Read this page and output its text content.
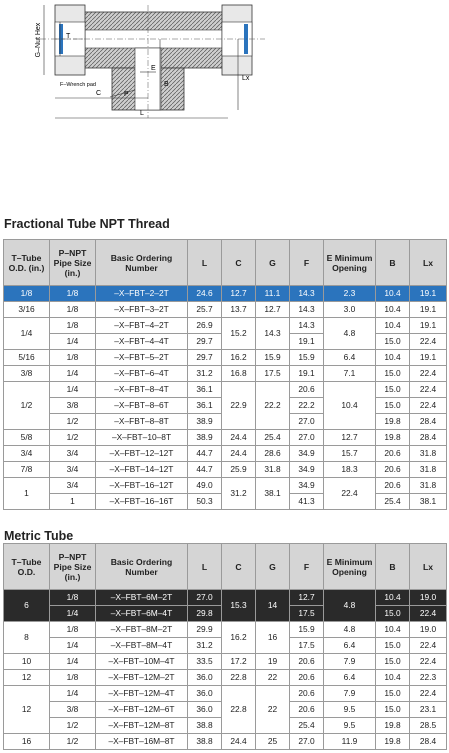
G–Nut Hex	T
F–Wrench pad
E
C
B
P
L
Lx
Fractional Tube NPT Thread
T–Tube O.D. (in.)	P–NPT Pipe Size (in.)	Basic Ordering Number	L	C	G	F	E Minimum Opening	B	Lx
1/8	1/8	–X–FBT–2–2T	24.6	12.7	11.1	14.3	2.3	10.4	19.1
3/16	1/8	–X–FBT–3–2T	25.7	13.7	12.7	14.3	3.0	10.4	19.1
1/4	1/8	–X–FBT–4–2T	26.9	15.2	14.3	14.3	4.8	10.4	19.1
	1/4	–X–FBT–4–4T	29.7			19.1		15.0	22.4
5/16	1/8	–X–FBT–5–2T	29.7	16.2	15.9	15.9	6.4	10.4	19.1
3/8	1/4	–X–FBT–6–4T	31.2	16.8	17.5	19.1	7.1	15.0	22.4
1/2	1/4	–X–FBT–8–4T	36.1	22.9	22.2	20.6	10.4	15.0	22.4
	3/8	–X–FBT–8–6T	36.1			22.2		15.0	22.4
	1/2	–X–FBT–8–8T	38.9			27.0		19.8	28.4
5/8	1/2	–X–FBT–10–8T	38.9	24.4	25.4	27.0	12.7	19.8	28.4
3/4	3/4	–X–FBT–12–12T	44.7	24.4	28.6	34.9	15.7	20.6	31.8
7/8	3/4	–X–FBT–14–12T	44.7	25.9	31.8	34.9	18.3	20.6	31.8
1	3/4	–X–FBT–16–12T	49.0	31.2	38.1	34.9	22.4	20.6	31.8
	1	–X–FBT–16–16T	50.3			41.3		25.4	38.1
Metric Tube
T–Tube O.D.	P–NPT Pipe Size (in.)	Basic Ordering Number	L	C	G	F	E Minimum Opening	B	Lx
6	1/8	–X–FBT–6M–2T	27.0	15.3	14	12.7	4.8	10.4	19.0
	1/4	–X–FBT–6M–4T	29.8			17.5		15.0	22.4
8	1/8	–X–FBT–8M–2T	29.9	16.2	16	15.9	4.8	10.4	19.0
	1/4	–X–FBT–8M–4T	31.2			17.5	6.4	15.0	22.4
10	1/4	–X–FBT–10M–4T	33.5	17.2	19	20.6	7.9	15.0	22.4
12	1/8	–X–FBT–12M–2T	36.0	22.8	22	20.6	6.4	10.4	22.3
12	1/4	–X–FBT–12M–4T	36.0	22.8	22	20.6	7.9	15.0	22.4
	3/8	–X–FBT–12M–6T	36.0			20.6	9.5	15.0	23.1
	1/2	–X–FBT–12M–8T	38.8			25.4	9.5	19.8	28.5
16	1/2	–X–FBT–16M–8T	38.8	24.4	25	27.0	11.9	19.8	28.4
